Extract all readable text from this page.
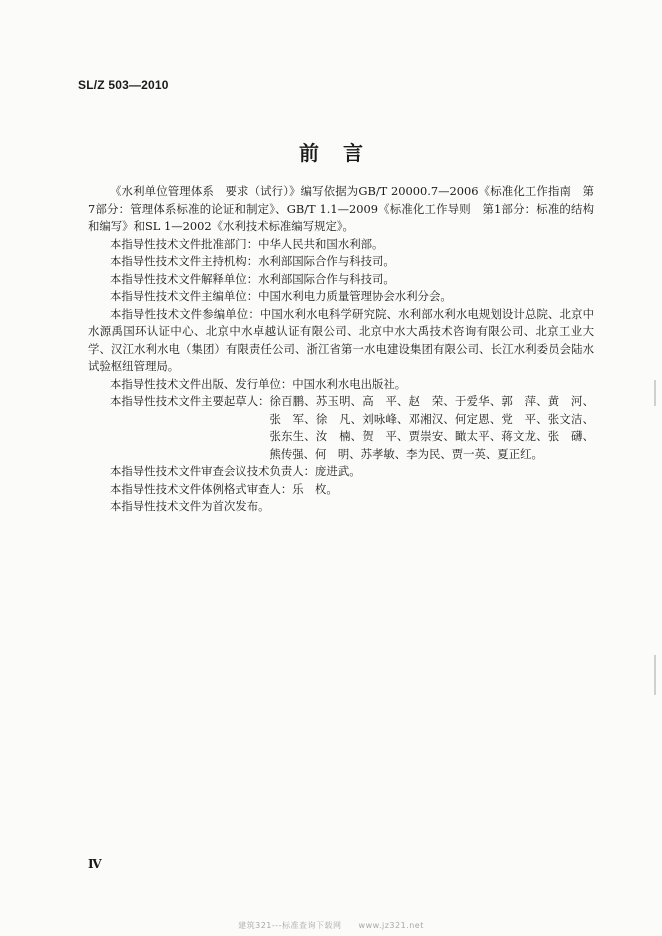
SL/Z 503—2010
前言

《水利单位管理体系　要求（试行）》编写依据为GB/T 20000.7—2006《标准化工作指南　第7部分：管理体系标准的论证和制定》、GB/T 1.1—2009《标准化工作导则　第1部分：标准的结构和编写》和SL 1—2002《水利技术标准编写规定》。

本指导性技术文件批准部门：中华人民共和国水利部。

本指导性技术文件主持机构：水利部国际合作与科技司。

本指导性技术文件解释单位：水利部国际合作与科技司。

本指导性技术文件主编单位：中国水利电力质量管理协会水利分会。

本指导性技术文件参编单位：中国水利水电科学研究院、水利部水利水电规划设计总院、北京中水源禹国环认证中心、北京中水卓越认证有限公司、北京中水大禹技术咨询有限公司、北京工业大学、汉江水利水电（集团）有限责任公司、浙江省第一水电建设集团有限公司、长江水利委员会陆水试验枢纽管理局。

本指导性技术文件出版、发行单位：中国水利水电出版社。

本指导性技术文件主要起草人： 徐百鹏、苏玉明、高　平、赵　荣、于爱华、郭　萍、黄　河、张　军、徐　凡、刘咏峰、邓湘汉、何定恩、党　平、张文洁、张东生、汝　楠、贺　平、贾崇安、瞰太平、蒋文龙、张　礴、熊传强、何　明、苏孝敏、李为民、贾一英、夏正红。

本指导性技术文件审查会议技术负责人：庞进武。

本指导性技术文件体例格式审查人：乐　枚。

本指导性技术文件为首次发布。

Ⅳ
建筑321---标准查询下载网　　www.jz321.net
